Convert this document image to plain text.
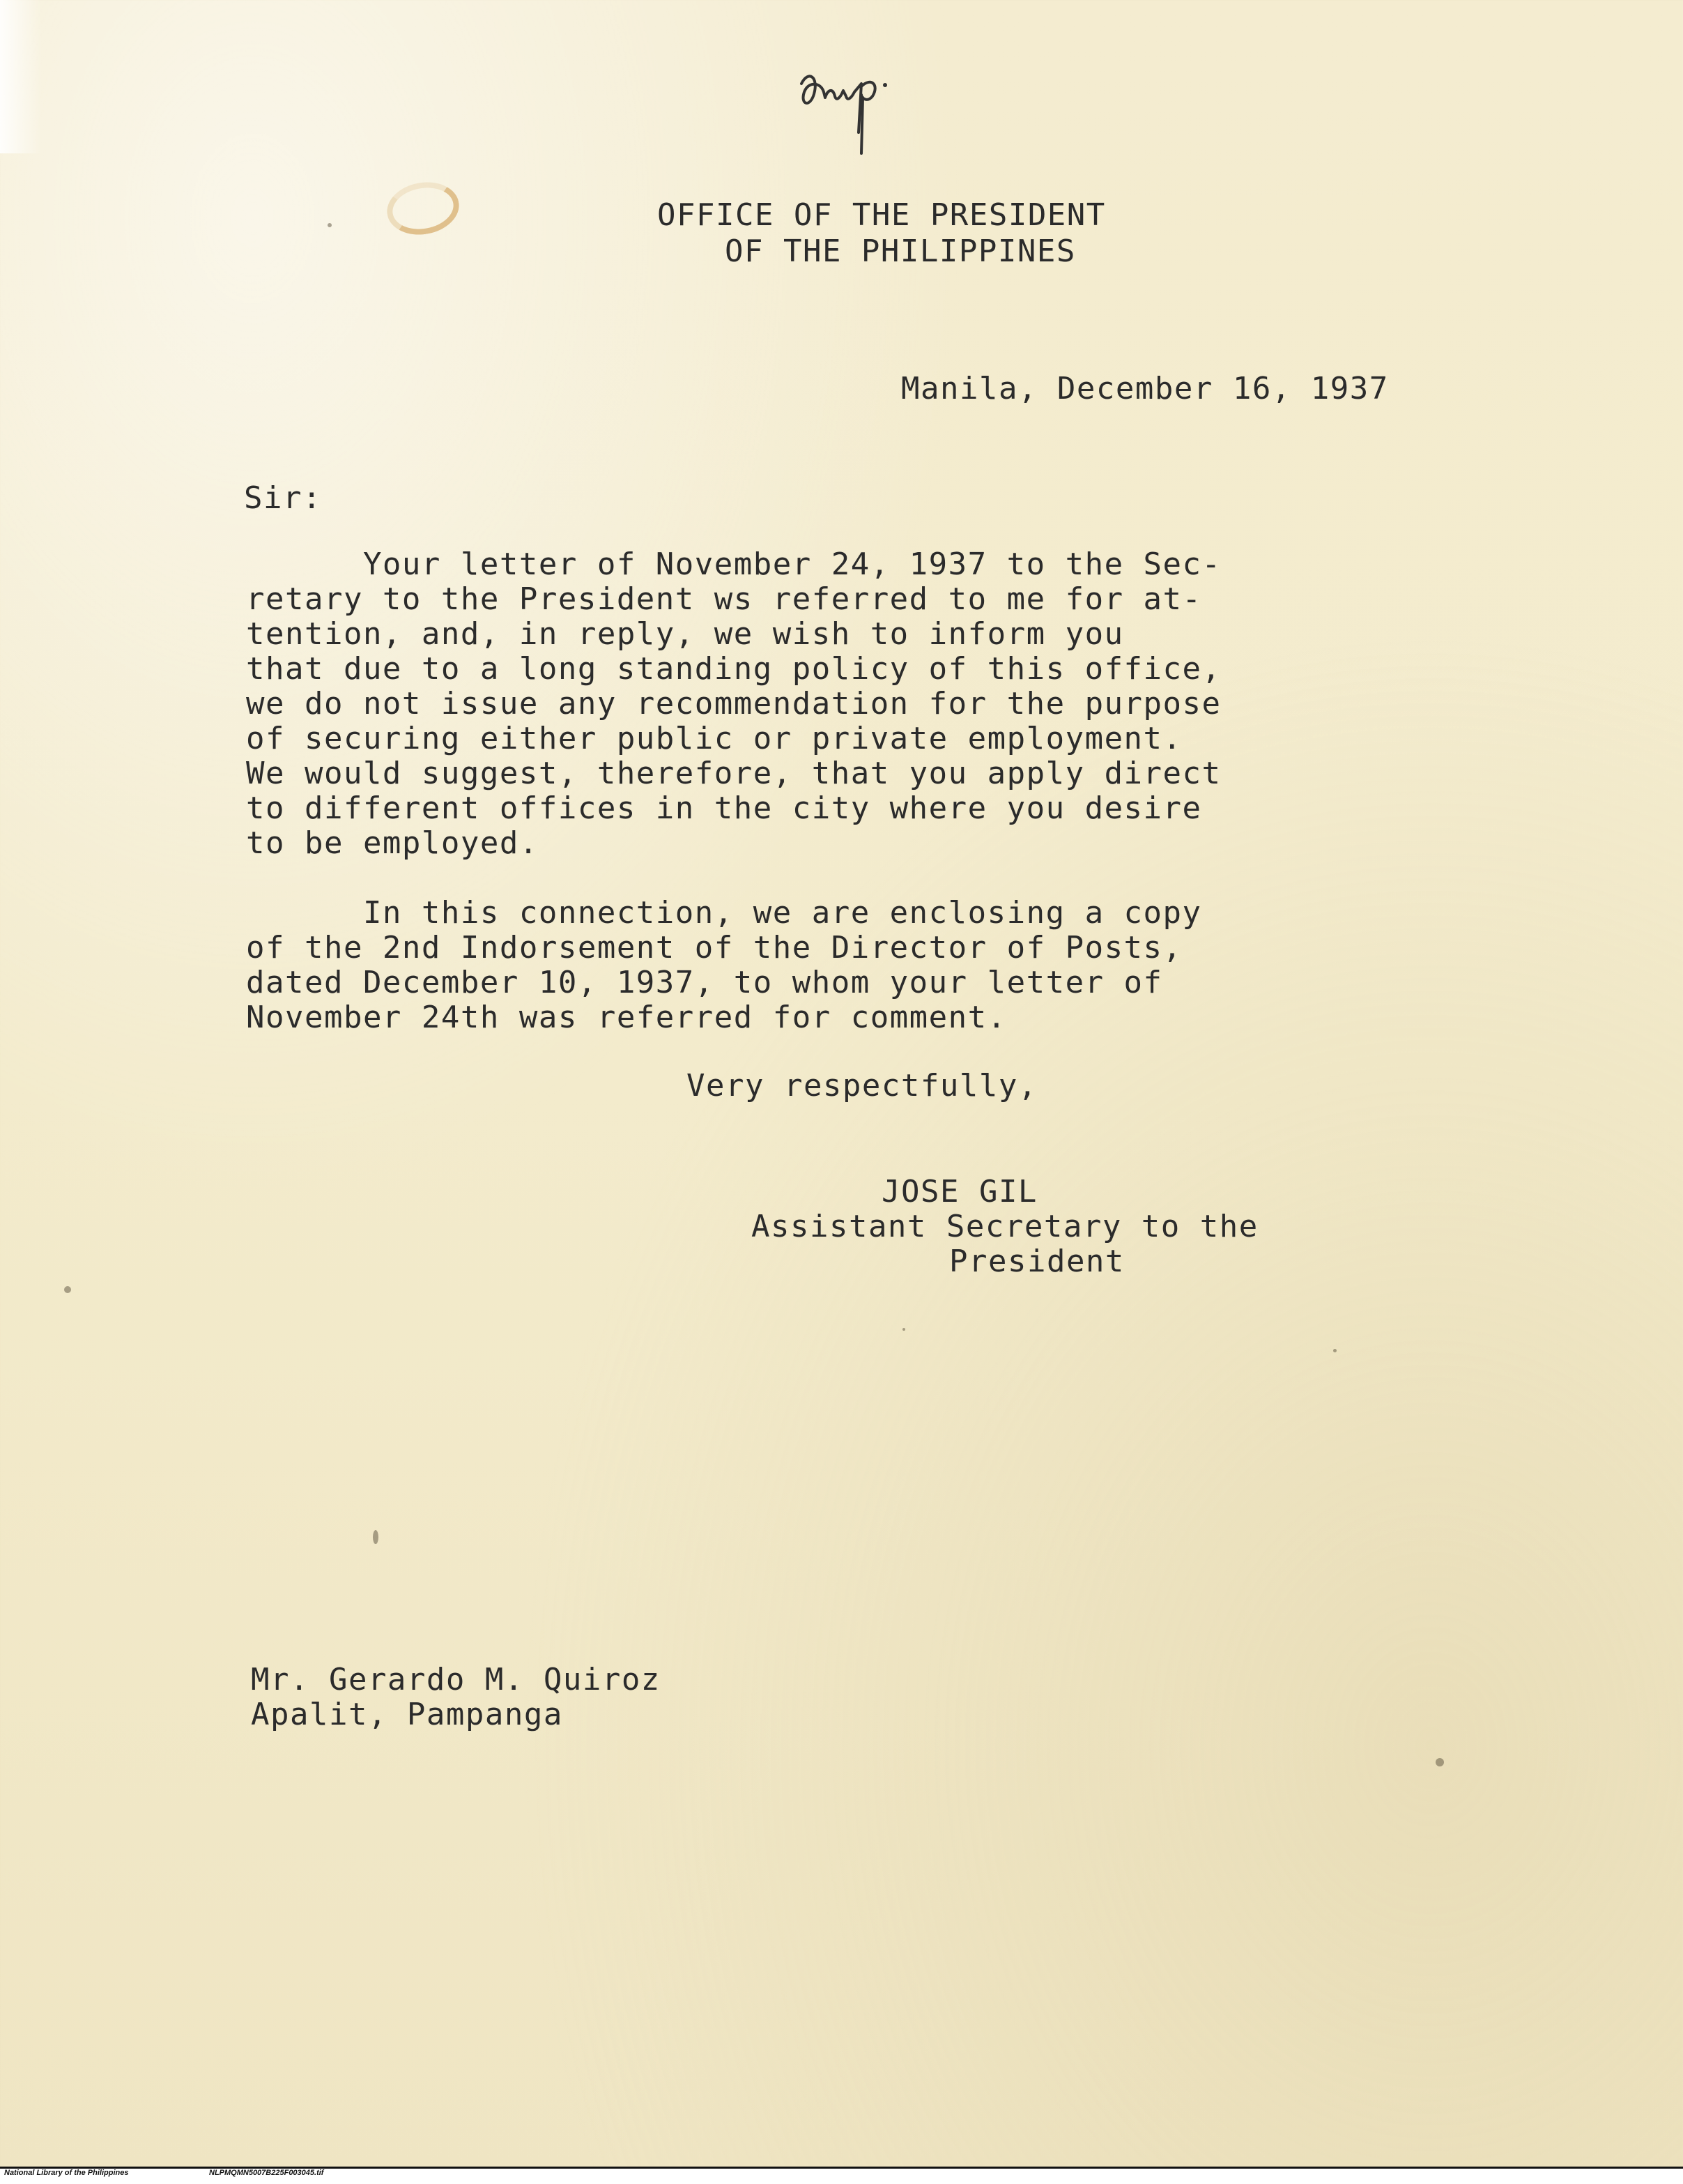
OFFICE OF THE PRESIDENT
OF THE PHILIPPINES
Manila, December 16, 1937
Sir:
Your letter of November 24, 1937 to the Sec-
retary to the President ws referred to me for at-
tention, and, in reply, we wish to inform you
that due to a long standing policy of this office,
we do not issue any recommendation for the purpose
of securing either public or private employment.
We would suggest, therefore, that you apply direct
to different offices in the city where you desire
to be employed.
In this connection, we are enclosing a copy
of the 2nd Indorsement of the Director of Posts,
dated December 10, 1937, to whom your letter of
November 24th was referred for comment.
Very respectfully,
JOSE GIL
Assistant Secretary to the
President
Mr. Gerardo M. Quiroz
Apalit, Pampanga
National Library of the Philippines	NLPMQMN5007B225F003045.tif
